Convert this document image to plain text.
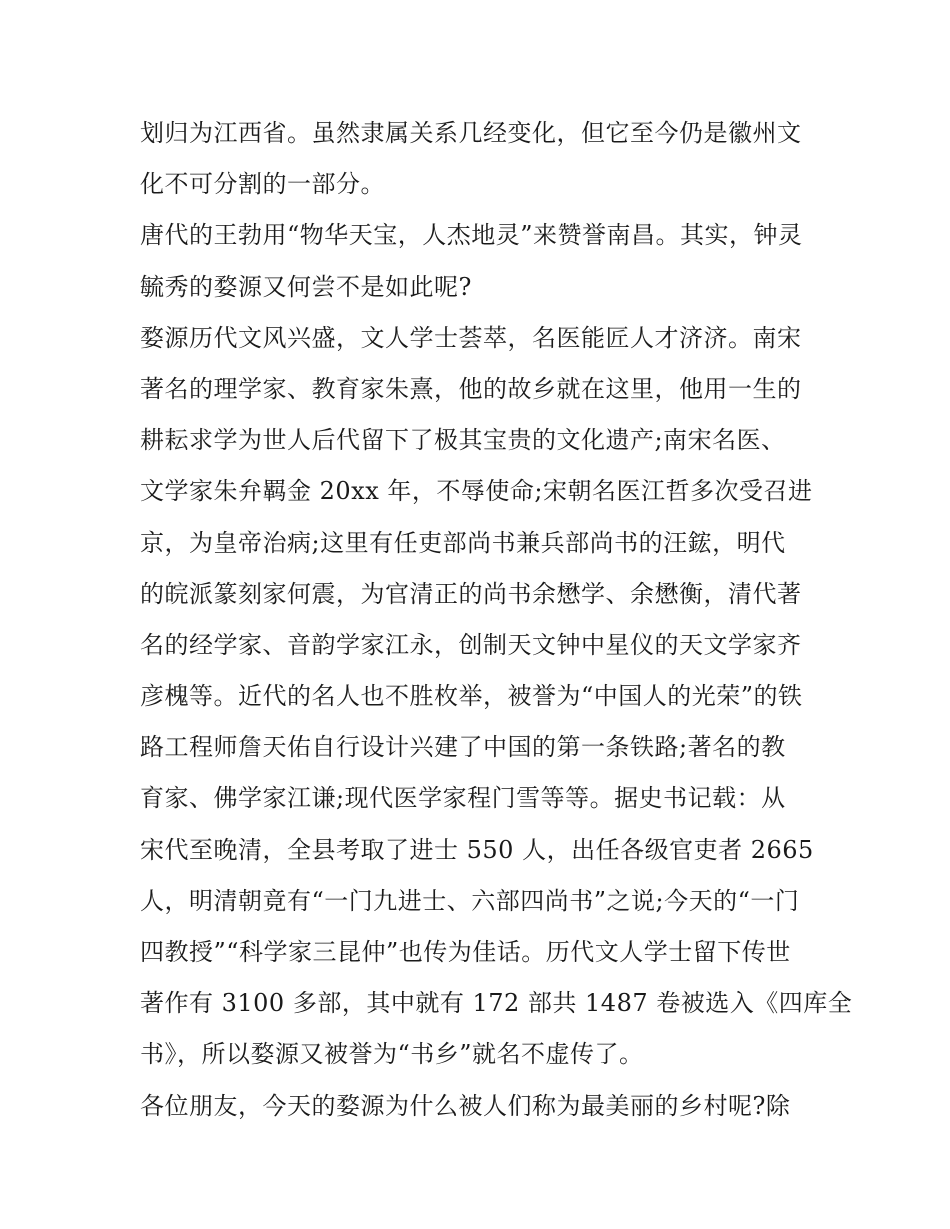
划归为江西省。虽然隶属关系几经变化，但它至今仍是徽州文
化不可分割的一部分。
唐代的王勃用“物华天宝，人杰地灵”来赞誉南昌。其实，钟灵
毓秀的婺源又何尝不是如此呢?
婺源历代文风兴盛，文人学士荟萃，名医能匠人才济济。南宋
著名的理学家、教育家朱熹，他的故乡就在这里，他用一生的
耕耘求学为世人后代留下了极其宝贵的文化遗产;南宋名医、
文学家朱弁羁金 20xx 年，不辱使命;宋朝名医江哲多次受召进
京，为皇帝治病;这里有任吏部尚书兼兵部尚书的汪鋐，明代
的皖派篆刻家何震，为官清正的尚书余懋学、余懋衡，清代著
名的经学家、音韵学家江永，创制天文钟中星仪的天文学家齐
彦槐等。近代的名人也不胜枚举，被誉为“中国人的光荣”的铁
路工程师詹天佑自行设计兴建了中国的第一条铁路;著名的教
育家、佛学家江谦;现代医学家程门雪等等。据史书记载：从
宋代至晚清，全县考取了进士 550 人，出任各级官吏者 2665
人，明清朝竟有“一门九进士、六部四尚书”之说;今天的“一门
四教授”“科学家三昆仲”也传为佳话。历代文人学士留下传世
著作有 3100 多部，其中就有 172 部共 1487 卷被选入《四库全
书》，所以婺源又被誉为“书乡”就名不虚传了。
各位朋友，今天的婺源为什么被人们称为最美丽的乡村呢?除
